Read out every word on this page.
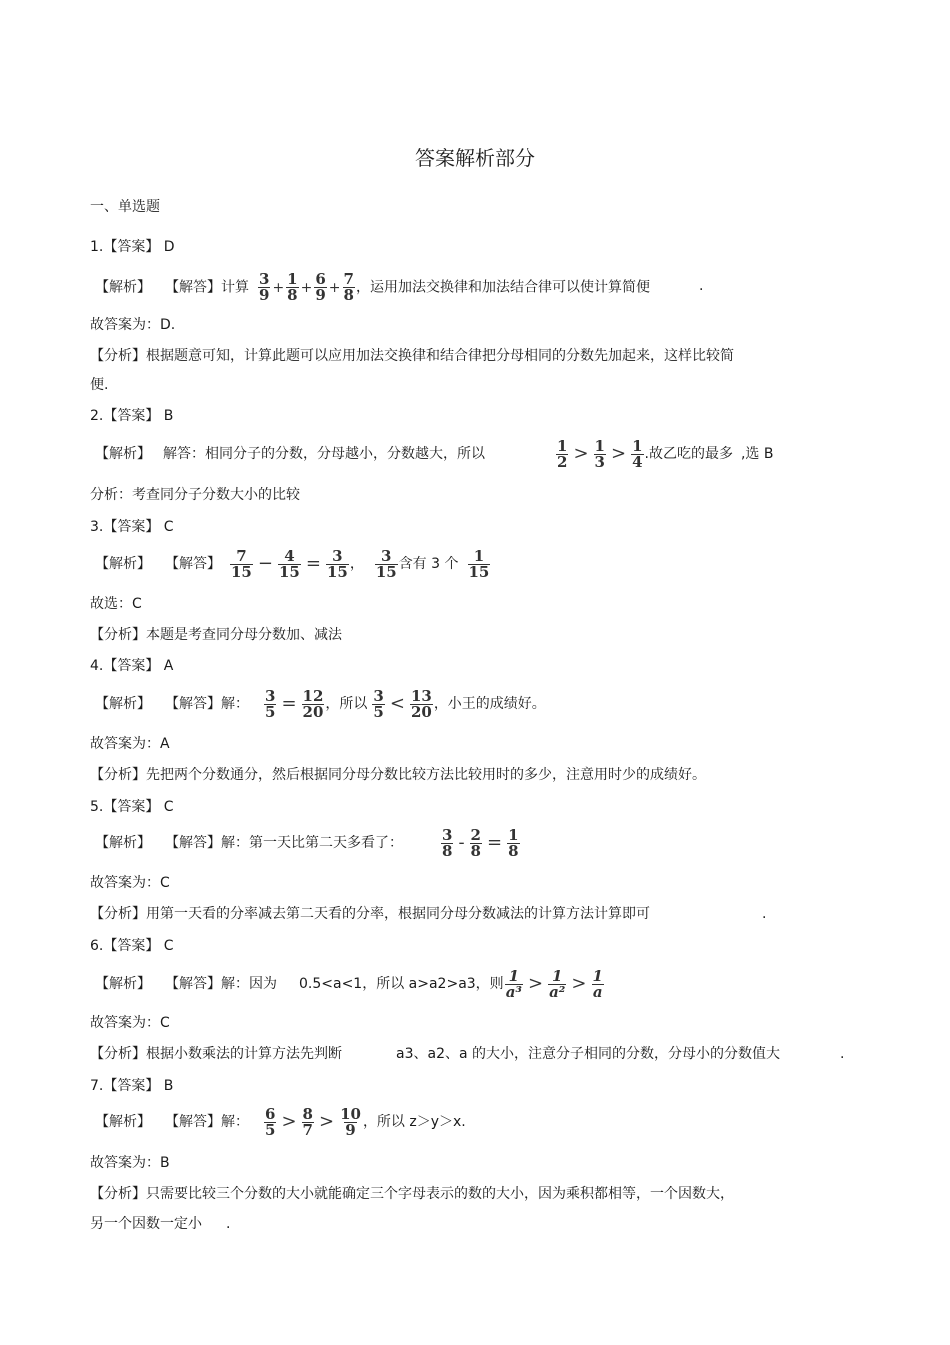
答案解析部分
一、单选题
1.【答案】 D
【解析】 【解答】计算 $\frac{3}{9} + \frac{1}{8} + \frac{6}{9} + \frac{7}{8}$ ，运用加法交换律和加法结合律可以使计算简便	.
故答案为：D.
【分析】根据题意可知，计算此题可以应用加法交换律和结合律把分母相同的分数先加起来，这样比较简
便.
2.【答案】 B
【解析】 解答：相同分子的分数，分母越小，分数越大，所以	$\frac{1}{2} > \frac{1}{3} > \frac{1}{4}$ .故乙吃的最多 ,选 B
分析：考查同分子分数大小的比较
3.【答案】 C
【解析】 【解答】 $\frac{7}{15} - \frac{4}{15} = \frac{3}{15}$ ， $\frac{3}{15}$ 含有 3 个 $\frac{1}{15}$
故选：C
【分析】本题是考查同分母分数加、减法
4.【答案】 A
【解析】 【解答】解： $\frac{3}{5} = \frac{12}{20}$ ，所以 $\frac{3}{5} < \frac{13}{20}$ ，小王的成绩好。
故答案为：A
【分析】先把两个分数通分，然后根据同分母分数比较方法比较用时的多少，注意用时少的成绩好。
5.【答案】 C
【解析】 【解答】解：第一天比第二天多看了：	$\frac{3}{8} - \frac{2}{8} = \frac{1}{8}$
故答案为：C
【分析】用第一天看的分率减去第二天看的分率，根据同分母分数减法的计算方法计算即可	.
6.【答案】 C
【解析】 【解答】解：因为 0.5<a<1，所以 a>a2>a3，则 $\frac{1}{\text{a³}} > \frac{1}{\text{a²}} > \frac{1}{a}$
故答案为：C
【分析】根据小数乘法的计算方法先判断	a3、a2、a 的大小，注意分子相同的分数，分母小的分数值大	.
7.【答案】 B
【解析】 【解答】解： $\frac{6}{5} > \frac{8}{7} > \frac{10}{9}$ ，所以 z＞y＞x.
故答案为：B
【分析】只需要比较三个分数的大小就能确定三个字母表示的数的大小，因为乘积都相等，一个因数大，
另一个因数一定小 .
